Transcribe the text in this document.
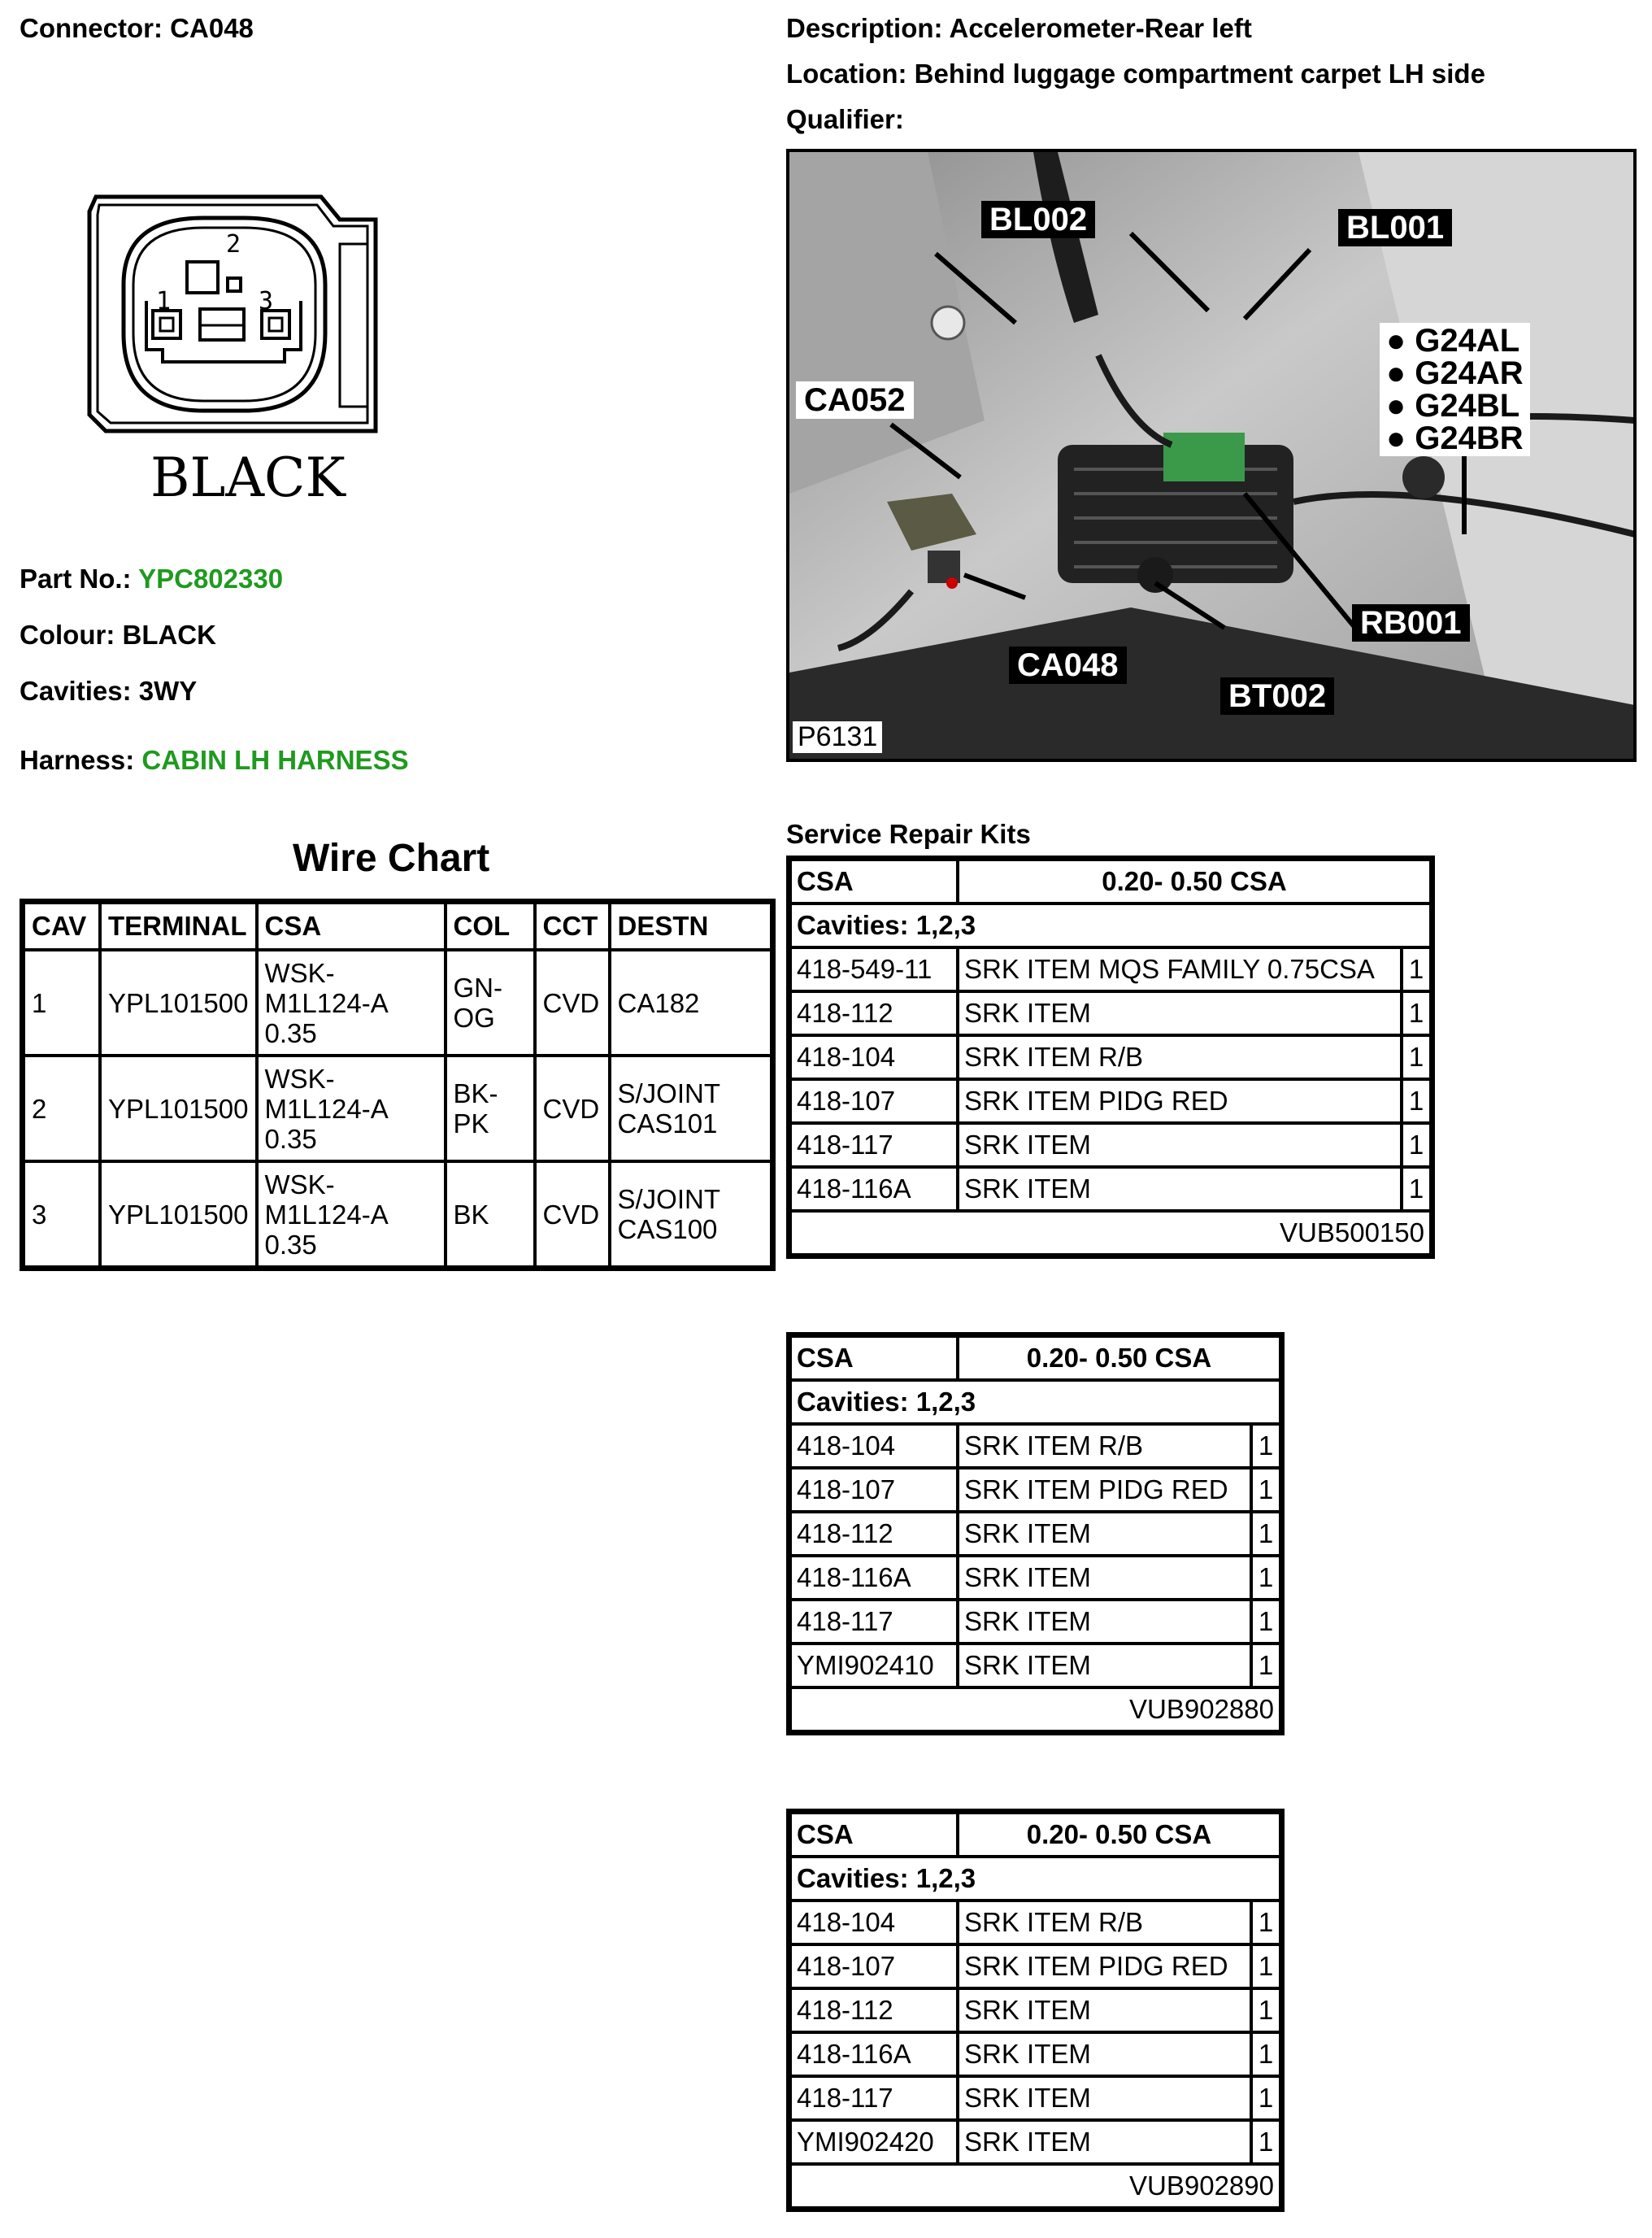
Connector: CA048	Description: Accelerometer-Rear left
Location: Behind luggage compartment carpet LH side
Qualifier:
1
2
3
BLACK
Part No.: YPC802330
Colour: BLACK
Cavities: 3WY
Harness: CABIN LH HARNESS
BL002	BL001
CA052
CA048
BT002
RB001
● G24AL
● G24AR
● G24BL
● G24BR
P6131
Wire Chart
CAV	TERMINAL	CSA	COL	CCT	DESTN
1	YPL101500	WSK-
M1L124-A
0.35	GN-
OG	CVD	CA182
2	YPL101500	WSK-
M1L124-A
0.35	BK-
PK	CVD	S/JOINT
CAS101
3	YPL101500	WSK-
M1L124-A
0.35	BK	CVD	S/JOINT
CAS100
Service Repair Kits
CSA	0.20- 0.50 CSA	
Cavities: 1,2,3		
418-549-11	SRK ITEM MQS FAMILY 0.75CSA	1
418-112	SRK ITEM	1
418-104	SRK ITEM R/B	1
418-107	SRK ITEM PIDG RED	1
418-117	SRK ITEM	1
418-116A	SRK ITEM	1
VUB500150		
CSA	0.20- 0.50 CSA	
Cavities: 1,2,3		
418-104	SRK ITEM R/B	1
418-107	SRK ITEM PIDG RED	1
418-112	SRK ITEM	1
418-116A	SRK ITEM	1
418-117	SRK ITEM	1
YMI902410	SRK ITEM	1
VUB902880		
CSA	0.20- 0.50 CSA	
Cavities: 1,2,3		
418-104	SRK ITEM R/B	1
418-107	SRK ITEM PIDG RED	1
418-112	SRK ITEM	1
418-116A	SRK ITEM	1
418-117	SRK ITEM	1
YMI902420	SRK ITEM	1
VUB902890		
